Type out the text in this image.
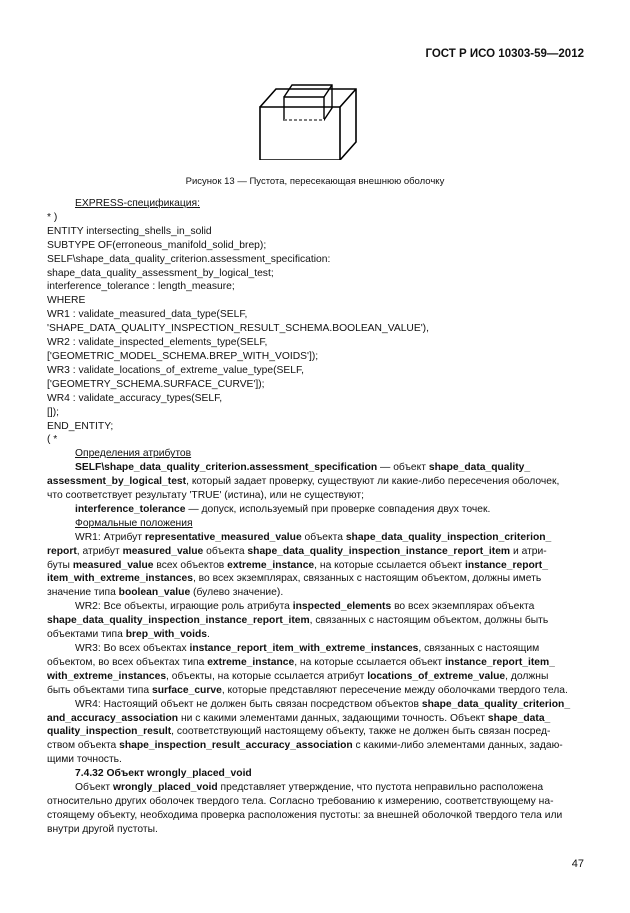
ГОСТ Р ИСО 10303-59—2012
Рисунок 13 — Пустота, пересекающая внешнюю оболочку
EXPRESS-спецификация:
* )
ENTITY intersecting_shells_in_solid
SUBTYPE OF(erroneous_manifold_solid_brep);
SELF\shape_data_quality_criterion.assessment_specification:
shape_data_quality_assessment_by_logical_test;
interference_tolerance : length_measure;
WHERE
WR1 : validate_measured_data_type(SELF,
'SHAPE_DATA_QUALITY_INSPECTION_RESULT_SCHEMA.BOOLEAN_VALUE'),
WR2 : validate_inspected_elements_type(SELF,
['GEOMETRIC_MODEL_SCHEMA.BREP_WITH_VOIDS']);
WR3 : validate_locations_of_extreme_value_type(SELF,
['GEOMETRY_SCHEMA.SURFACE_CURVE']);
WR4 : validate_accuracy_types(SELF,
[]);
END_ENTITY;
( *
Определения атрибутов
SELF\shape_data_quality_criterion.assessment_specification — объект shape_data_quality_
assessment_by_logical_test, который задает проверку, существуют ли какие-либо пересечения оболочек,
что соответствует результату 'TRUE' (истина), или не существуют;
interference_tolerance — допуск, используемый при проверке совпадения двух точек.
Формальные положения
WR1: Атрибут representative_measured_value объекта shape_data_quality_inspection_criterion_
report, атрибут measured_value объекта shape_data_quality_inspection_instance_report_item и атри-
буты measured_value всех объектов extreme_instance, на которые ссылается объект instance_report_
item_with_extreme_instances, во всех экземплярах, связанных с настоящим объектом, должны иметь
значение типа boolean_value (булево значение).
WR2: Все объекты, играющие роль атрибута inspected_elements во всех экземплярах объекта
shape_data_quality_inspection_instance_report_item, связанных с настоящим объектом, должны быть
объектами типа brep_with_voids.
WR3: Во всех объектах instance_report_item_with_extreme_instances, связанных с настоящим
объектом, во всех объектах типа extreme_instance, на которые ссылается объект instance_report_item_
with_extreme_instances, объекты, на которые ссылается атрибут locations_of_extreme_value, должны
быть объектами типа surface_curve, которые представляют пересечение между оболочками твердого тела.
WR4: Настоящий объект не должен быть связан посредством объектов shape_data_quality_criterion_
and_accuracy_association ни с какими элементами данных, задающими точность. Объект shape_data_
quality_inspection_result, соответствующий настоящему объекту, также не должен быть связан посред-
ством объекта shape_inspection_result_accuracy_association с какими-либо элементами данных, задаю-
щими точность.
7.4.32 Объект wrongly_placed_void
Объект wrongly_placed_void представляет утверждение, что пустота неправильно расположена
относительно других оболочек твердого тела. Согласно требованию к измерению, соответствующему на-
стоящему объекту, необходима проверка расположения пустоты: за внешней оболочкой твердого тела или
внутри другой пустоты.
47
